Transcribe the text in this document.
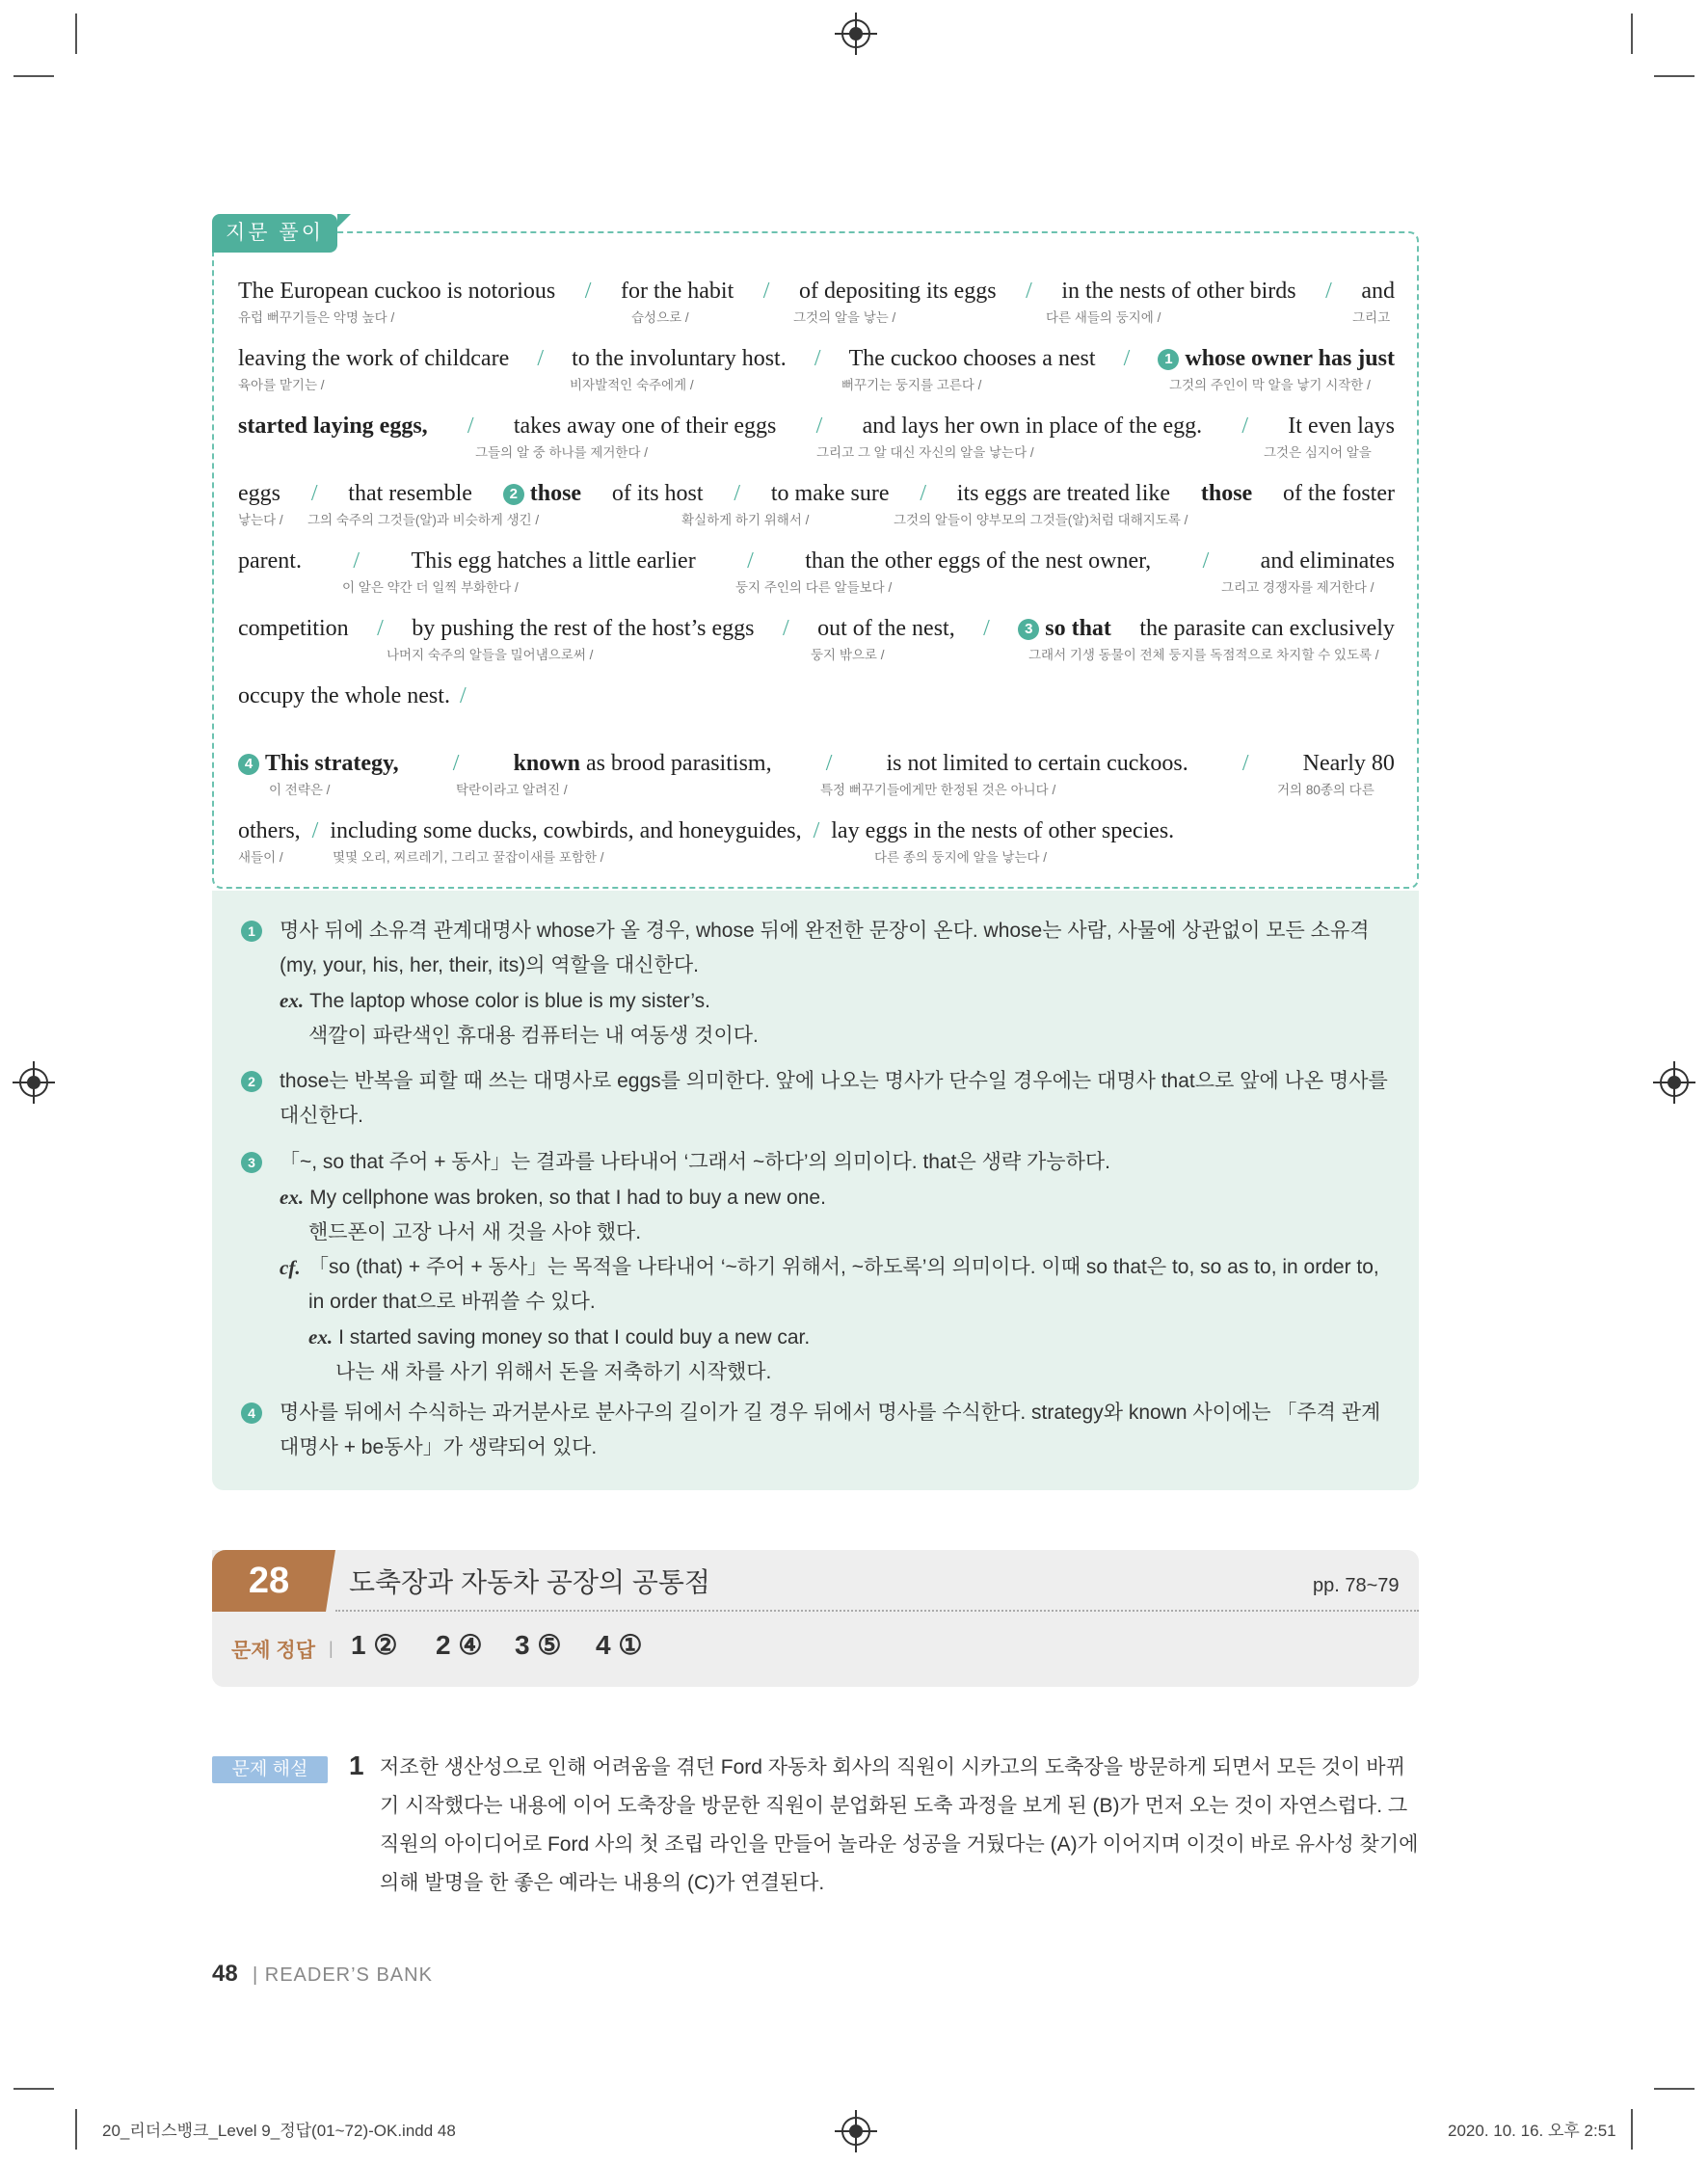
지문 풀이
The European cuckoo is notorious / for the habit / of depositing its eggs / in the nests of other birds / and
유럽 뻐꾸기들은 악명 높다 /	습성으로 /	그것의 알을 낳는 /	다른 새들의 둥지에 /	그리고
leaving the work of childcare / to the involuntary host. / The cuckoo chooses a nest /	1 whose owner has just
육아를 맡기는 /	비자발적인 숙주에게 /	뻐꾸기는 둥지를 고른다 /	그것의 주인이 막 알을 낳기 시작한 /
started laying eggs, / takes away one of their eggs / and lays her own in place of the egg. / It even lays
그들의 알 중 하나를 제거한다 /	그리고 그 알 대신 자신의 알을 낳는다 /	그것은 심지어 알을
eggs / that resemble	2 those of its host / to make sure / its eggs are treated like those of the foster
낳는다 / 그의 숙주의 그것들(알)과 비슷하게 생긴 /	확실하게 하기 위해서 /	그것의 알들이 양부모의 그것들(알)처럼 대해지도록 /
parent. / This egg hatches a little earlier / than the other eggs of the nest owner, / and eliminates
이 알은 약간 더 일찍 부화한다 /	둥지 주인의 다른 알들보다 /	그리고 경쟁자를 제거한다 /
competition / by pushing the rest of the host’s eggs / out of the nest, /	3 so that the parasite can exclusively
나머지 숙주의 알들을 밀어냄으로써 /	둥지 밖으로 /	그래서 기생 동물이 전체 둥지를 독점적으로 차지할 수 있도록 /
occupy the whole nest. /
4 This strategy, / known as brood parasitism, / is not limited to certain cuckoos. / Nearly 80
이 전략은 /	탁란이라고 알려진 /	특정 뻐꾸기들에게만 한정된 것은 아니다 /	거의 80종의 다른
others, / including some ducks, cowbirds, and honeyguides, / lay eggs in the nests of other species.
새들이 /	몇몇 오리, 찌르레기, 그리고 꿀잡이새를 포함한 /	다른 종의 둥지에 알을 낳는다 /
1	명사 뒤에 소유격 관계대명사 whose가 올 경우, whose 뒤에 완전한 문장이 온다. whose는 사람, 사물에 상관없이 모든 소유격(my, your, his, her, their, its)의 역할을 대신한다.
ex. The laptop whose color is blue is my sister’s.
색깔이 파란색인 휴대용 컴퓨터는 내 여동생 것이다.
2	those는 반복을 피할 때 쓰는 대명사로 eggs를 의미한다. 앞에 나오는 명사가 단수일 경우에는 대명사 that으로 앞에 나온 명사를 대신한다.
3	「~, so that 주어 + 동사」는 결과를 나타내어 ‘그래서 ~하다’의 의미이다. that은 생략 가능하다.
ex. My cellphone was broken, so that I had to buy a new one.
핸드폰이 고장 나서 새 것을 사야 했다.
cf. 「so (that) + 주어 + 동사」는 목적을 나타내어 ‘~하기 위해서, ~하도록’의 의미이다. 이때 so that은 to, so as to, in order to, in order that으로 바꿔쓸 수 있다.
ex. I started saving money so that I could buy a new car.
나는 새 차를 사기 위해서 돈을 저축하기 시작했다.
4	명사를 뒤에서 수식하는 과거분사로 분사구의 길이가 길 경우 뒤에서 명사를 수식한다. strategy와 known 사이에는 「주격 관계대명사 + be동사」가 생략되어 있다.
28	도축장과 자동차 공장의 공통점	pp. 78~79
문제 정답 | 1 ② 2 ④ 3 ⑤ 4 ①
문제 해설	1 저조한 생산성으로 인해 어려움을 겪던 Ford 자동차 회사의 직원이 시카고의 도축장을 방문하게 되면서 모든 것이 바뀌기 시작했다는 내용에 이어 도축장을 방문한 직원이 분업화된 도축 과정을 보게 된 (B)가 먼저 오는 것이 자연스럽다. 그 직원의 아이디어로 Ford 사의 첫 조립 라인을 만들어 놀라운 성공을 거뒀다는 (A)가 이어지며 이것이 바로 유사성 찾기에 의해 발명을 한 좋은 예라는 내용의 (C)가 연결된다.
48 | READER’S BANK
20_리더스뱅크_Level 9_정답(01~72)-OK.indd 48	2020. 10. 16. 오후 2:51
